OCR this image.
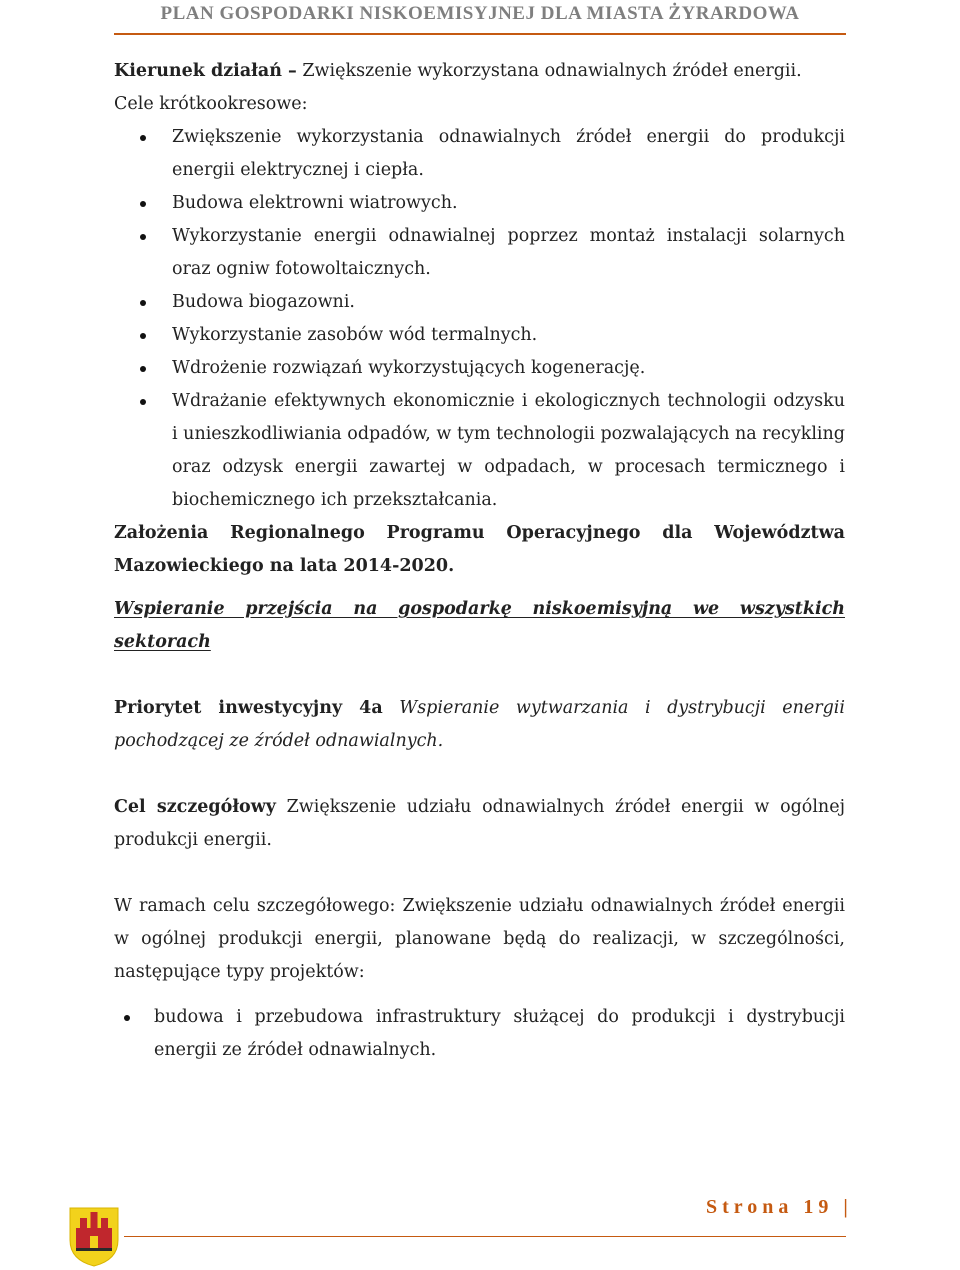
PLAN GOSPODARKI NISKOEMISYJNEJ DLA MIASTA ŻYRARDOWA

Kierunek działań – Zwiększenie wykorzystana odnawialnych źródeł energii.

Cele krótkookresowe:

Zwiększenie wykorzystania odnawialnych źródeł energii do produkcji energii elektrycznej i ciepła.
Budowa elektrowni wiatrowych.
Wykorzystanie energii odnawialnej poprzez montaż instalacji solarnych oraz ogniw fotowoltaicznych.
Budowa biogazowni.
Wykorzystanie zasobów wód termalnych.
Wdrożenie rozwiązań wykorzystujących kogenerację.
Wdrażanie efektywnych ekonomicznie i ekologicznych technologii odzysku i unieszkodliwiania odpadów, w tym technologii pozwalających na recykling oraz odzysk energii zawartej w odpadach, w procesach termicznego i biochemicznego ich przekształcania.

Założenia Regionalnego Programu Operacyjnego dla Województwa Mazowieckiego na lata 2014-2020.

Wspieranie przejścia na gospodarkę niskoemisyjną we wszystkich sektorach

Priorytet inwestycyjny 4a Wspieranie wytwarzania i dystrybucji energii pochodzącej ze źródeł odnawialnych.

Cel szczegółowy Zwiększenie udziału odnawialnych źródeł energii w ogólnej produkcji energii.

W ramach celu szczegółowego: Zwiększenie udziału odnawialnych źródeł energii w ogólnej produkcji energii, planowane będą do realizacji, w szczególności, następujące typy projektów:

budowa i przebudowa infrastruktury służącej do produkcji i dystrybucji energii ze źródeł odnawialnych.
Strona 19 |
